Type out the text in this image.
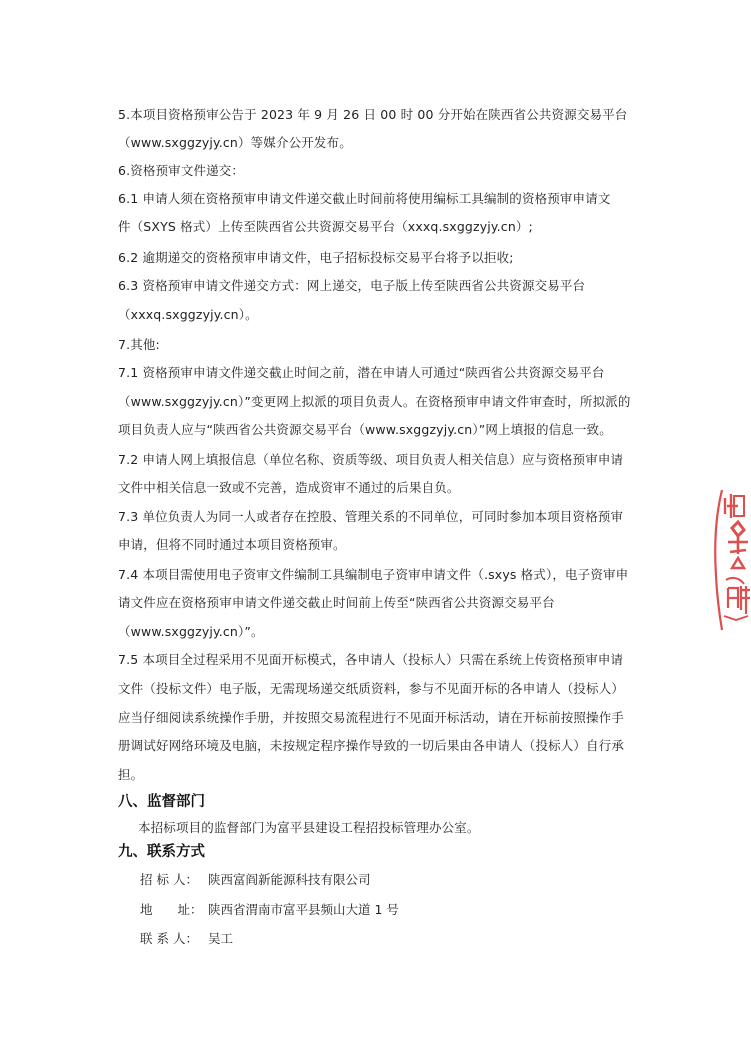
5.本项目资格预审公告于 2023 年 9 月 26 日 00 时 00 分开始在陕西省公共资源交易平台
（www.sxggzyjy.cn）等媒介公开发布。
6.资格预审文件递交：
6.1 申请人须在资格预审申请文件递交截止时间前将使用编标工具编制的资格预审申请文
件（SXYS 格式）上传至陕西省公共资源交易平台（xxxq.sxggzyjy.cn）;
6.2 逾期递交的资格预审申请文件，电子招标投标交易平台将予以拒收;
6.3 资格预审申请文件递交方式：网上递交，电子版上传至陕西省公共资源交易平台
（xxxq.sxggzyjy.cn）。
7.其他:
7.1 资格预审申请文件递交截止时间之前，潜在申请人可通过“陕西省公共资源交易平台
（www.sxggzyjy.cn）”变更网上拟派的项目负责人。在资格预审申请文件审查时，所拟派的
项目负责人应与“陕西省公共资源交易平台（www.sxggzyjy.cn）”网上填报的信息一致。
7.2 申请人网上填报信息（单位名称、资质等级、项目负责人相关信息）应与资格预审申请
文件中相关信息一致或不完善，造成资审不通过的后果自负。
7.3 单位负责人为同一人或者存在控股、管理关系的不同单位，可同时参加本项目资格预审
申请，但将不同时通过本项目资格预审。
7.4 本项目需使用电子资审文件编制工具编制电子资审申请文件（.sxys 格式），电子资审申
请文件应在资格预审申请文件递交截止时间前上传至“陕西省公共资源交易平台
（www.sxggzyjy.cn）”。
7.5 本项目全过程采用不见面开标模式，各申请人（投标人）只需在系统上传资格预审申请
文件（投标文件）电子版，无需现场递交纸质资料，参与不见面开标的各申请人（投标人）
应当仔细阅读系统操作手册，并按照交易流程进行不见面开标活动，请在开标前按照操作手
册调试好网络环境及电脑，未按规定程序操作导致的一切后果由各申请人（投标人）自行承
担。
八、监督部门
本招标项目的监督部门为富平县建设工程招投标管理办公室。
九、联系方式
招 标 人： 陕西富阎新能源科技有限公司
地　　址： 陕西省渭南市富平县频山大道 1 号
联 系 人： 吴工
